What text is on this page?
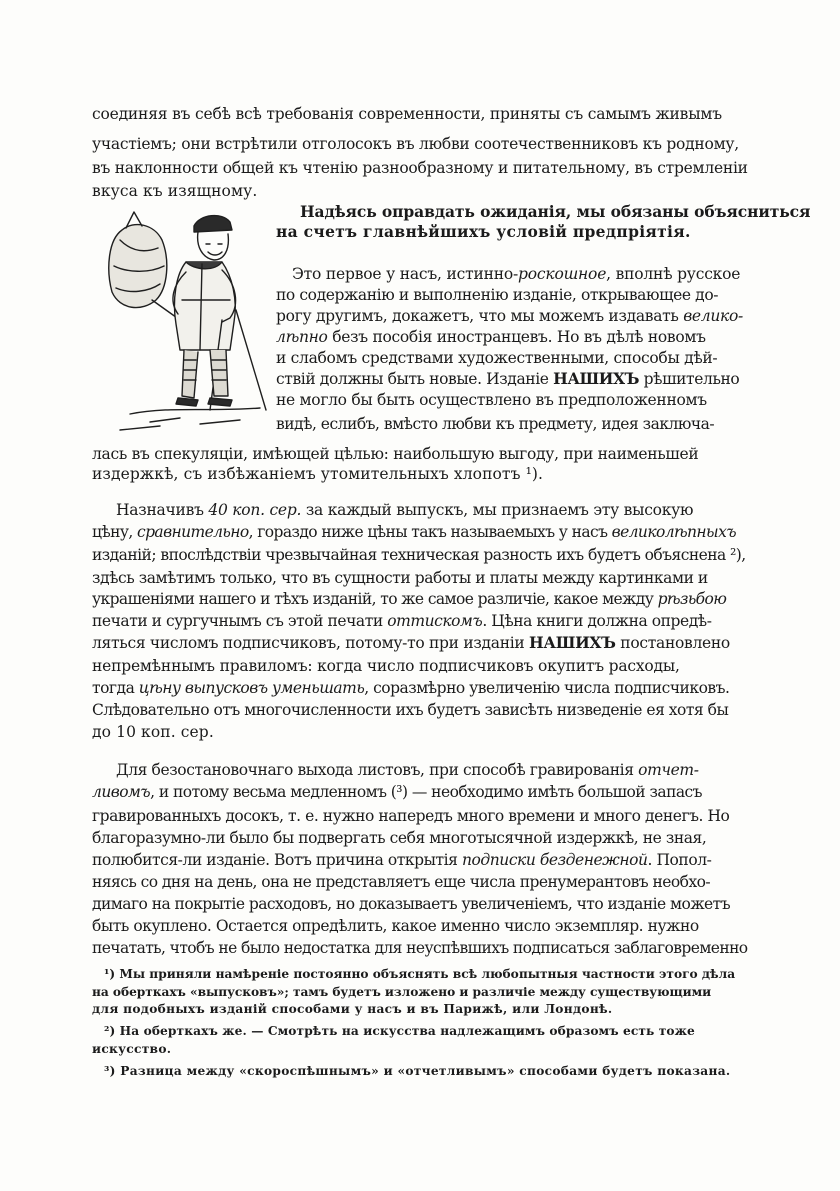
соединяя въ себѣ всѣ требованія современности, приняты съ самымъ живымъ
участіемъ; они встрѣтили отголосокъ въ любви соотечественниковъ къ родному,
въ наклонности общей къ чтенію разнообразному и питательному, въ стремленіи
вкуса къ изящному.
Надѣясь оправдать ожиданія, мы обязаны объясниться
на счетъ главнѣйшихъ условій предпріятія.
Это первое у насъ, истинно-роскошное, вполнѣ русское
по содержанію и выполненію изданіе, открывающее до-
рогу другимъ, докажетъ, что мы можемъ издавать велико-
лѣпно безъ пособія иностранцевъ. Но въ дѣлѣ новомъ
и слабомъ средствами художественными, способы дѣй-
ствій должны быть новые. Изданіе НАШИХЪ рѣшительно
не могло бы быть осуществлено въ предположенномъ
видѣ, еслибъ, вмѣсто любви къ предмету, идея заключа-
лась въ спекуляціи, имѣющей цѣлью: наибольшую выгоду, при наименьшей
издержкѣ, съ избѣжаніемъ утомительныхъ хлопотъ ¹).
Назначивъ 40 коп. сер. за каждый выпускъ, мы признаемъ эту высокую
цѣну, сравнительно, гораздо ниже цѣны такъ называемыхъ у насъ великолѣпныхъ
изданій; впослѣдствіи чрезвычайная техническая разность ихъ будетъ объяснена ²),
здѣсь замѣтимъ только, что въ сущности работы и платы между картинками и
украшеніями нашего и тѣхъ изданій, то же самое различіе, какое между рѣзьбою
печати и сургучнымъ съ этой печати оттискомъ. Цѣна книги должна опредѣ-
ляться числомъ подписчиковъ, потому-то при изданіи НАШИХЪ постановлено
непремѣннымъ правиломъ: когда число подписчиковъ окупитъ расходы,
тогда цѣну выпусковъ уменьшать, соразмѣрно увеличенію числа подписчиковъ.
Слѣдовательно отъ многочисленности ихъ будетъ зависѣть низведеніе ея хотя бы
до 10 коп. сер.
Для безостановочнаго выхода листовъ, при способѣ гравированія отчет-
ливомъ, и потому весьма медленномъ (³) — необходимо имѣть большой запасъ
гравированныхъ досокъ, т. е. нужно напередъ много времени и много денегъ. Но
благоразумно-ли было бы подвергать себя многотысячной издержкѣ, не зная,
полюбится-ли изданіе. Вотъ причина открытія подписки безденежной. Попол-
няясь со дня на день, она не представляетъ еще числа пренумерантовъ необхо-
димаго на покрытіе расходовъ, но доказываетъ увеличеніемъ, что изданіе можетъ
быть окуплено. Остается опредѣлить, какое именно число экземпляр. нужно
печатать, чтобъ не было недостатка для неуспѣвшихъ подписаться заблаговременно
¹) Мы приняли намѣреніе постоянно объяснять всѣ любопытныя частности этого дѣла
на оберткахъ «выпусковъ»; тамъ будетъ изложено и различіе между существующими
для подобныхъ изданій способами у насъ и въ Парижѣ, или Лондонѣ.
²) На оберткахъ же. — Смотрѣть на искусства надлежащимъ образомъ есть тоже
искусство.
³) Разница между «скороспѣшнымъ» и «отчетливымъ» способами будетъ показана.
